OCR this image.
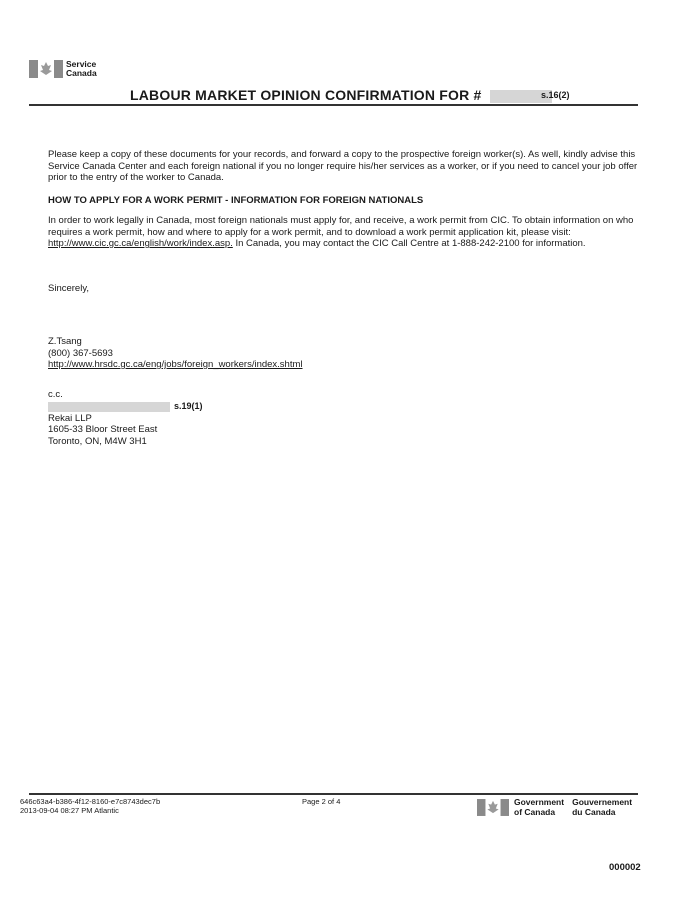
Service
Canada
LABOUR MARKET OPINION CONFIRMATION FOR #	s.16(2)
Please keep a copy of these documents for your records, and forward a copy to the prospective foreign worker(s). As well, kindly advise this Service Canada Center and each foreign national if you no longer require his/her services as a worker, or if you need to cancel your job offer prior to the entry of the worker to Canada.
HOW TO APPLY FOR A WORK PERMIT - INFORMATION FOR FOREIGN NATIONALS
In order to work legally in Canada, most foreign nationals must apply for, and receive, a work permit from CIC. To obtain information on who requires a work permit, how and where to apply for a work permit, and to download a work permit application kit, please visit: http://www.cic.gc.ca/english/work/index.asp. In Canada, you may contact the CIC Call Centre at 1-888-242-2100 for information.
Sincerely,
Z.Tsang
(800) 367-5693
http://www.hrsdc.gc.ca/eng/jobs/foreign_workers/index.shtml
c.c.
s.19(1)
Rekai LLP
1605-33 Bloor Street East
Toronto, ON, M4W 3H1
646c63a4-b386-4f12-8160-e7c8743dec7b
2013-09-04 08:27 PM Atlantic
Page 2 of 4	Government
of Canada
Gouvernement
du Canada
000002
